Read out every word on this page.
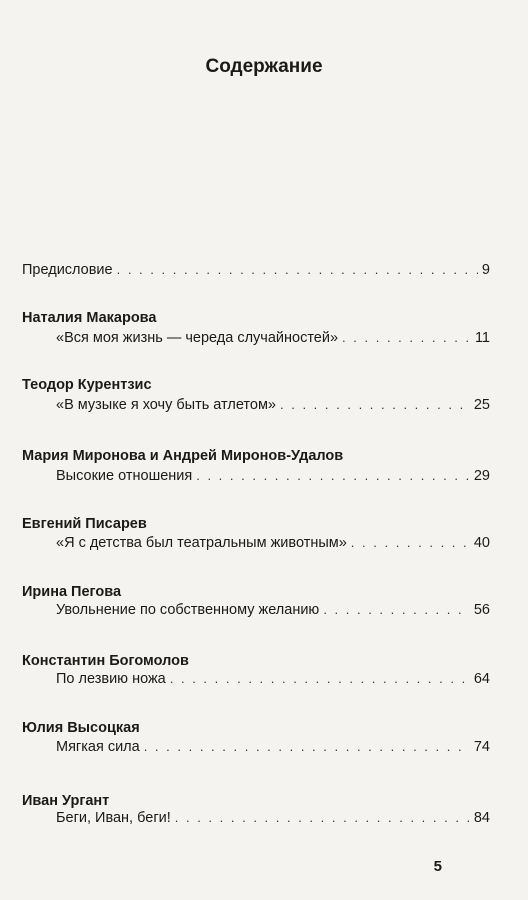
Содержание
Предисловие . . .	9
Наталия Макарова
«Вся моя жизнь — череда случайностей» . . .	11
Теодор Курентзис
«В музыке я хочу быть атлетом» . . .	25
Мария Миронова и Андрей Миронов-Удалов
Высокие отношения . . .	29
Евгений Писарев
«Я с детства был театральным животным» . . .	40
Ирина Пегова
Увольнение по собственному желанию . . .	56
Константин Богомолов
По лезвию ножа . . .	64
Юлия Высоцкая
Мягкая сила . . .	74
Иван Ургант
Беги, Иван, беги! . . .	84
5
